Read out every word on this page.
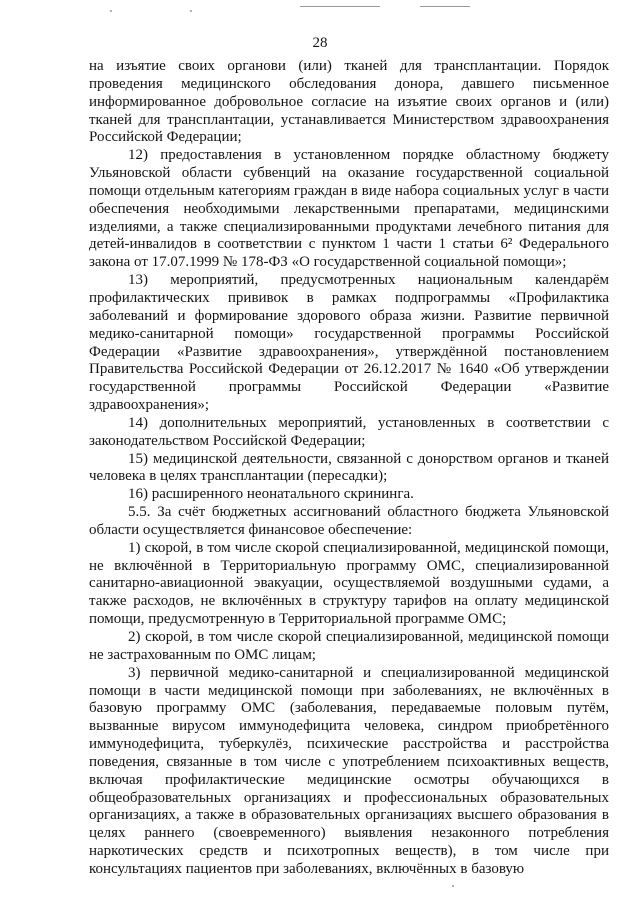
28

на изъятие своих органови (или) тканей для трансплантации. Порядок проведения медицинского обследования донора, давшего письменное информированное добровольное согласие на изъятие своих органов и (или) тканей для трансплантации, устанавливается Министерством здравоохранения Российской Федерации;

12) предоставления в установленном порядке областному бюджету Ульяновской области субвенций на оказание государственной социальной помощи отдельным категориям граждан в виде набора социальных услуг в части обеспечения необходимыми лекарственными препаратами, медицинскими изделиями, а также специализированными продуктами лечебного питания для детей-инвалидов в соответствии с пунктом 1 части 1 статьи 6² Федерального закона от 17.07.1999 № 178-ФЗ «О государственной социальной помощи»;

13) мероприятий, предусмотренных национальным календарём профилактических прививок в рамках подпрограммы «Профилактика заболеваний и формирование здорового образа жизни. Развитие первичной медико-санитарной помощи» государственной программы Российской Федерации «Развитие здравоохранения», утверждённой постановлением Правительства Российской Федерации от 26.12.2017 № 1640 «Об утверждении государственной программы Российской Федерации «Развитие здравоохранения»;

14) дополнительных мероприятий, установленных в соответствии с законодательством Российской Федерации;

15) медицинской деятельности, связанной с донорством органов и тканей человека в целях трансплантации (пересадки);

16) расширенного неонатального скрининга.

5.5. За счёт бюджетных ассигнований областного бюджета Ульяновской области осуществляется финансовое обеспечение:

1) скорой, в том числе скорой специализированной, медицинской помощи, не включённой в Территориальную программу ОМС, специализированной санитарно-авиационной эвакуации, осуществляемой воздушными судами, а также расходов, не включённых в структуру тарифов на оплату медицинской помощи, предусмотренную в Территориальной программе ОМС;

2) скорой, в том числе скорой специализированной, медицинской помощи не застрахованным по ОМС лицам;

3) первичной медико-санитарной и специализированной медицинской помощи в части медицинской помощи при заболеваниях, не включённых в базовую программу ОМС (заболевания, передаваемые половым путём, вызванные вирусом иммунодефицита человека, синдром приобретённого иммунодефицита, туберкулёз, психические расстройства и расстройства поведения, связанные в том числе с употреблением психоактивных веществ, включая профилактические медицинские осмотры обучающихся в общеобразовательных организациях и профессиональных образовательных организациях, а также в образовательных организациях высшего образования в целях раннего (своевременного) выявления незаконного потребления наркотических средств и психотропных веществ), в том числе при консультациях пациентов при заболеваниях, включённых в базовую
